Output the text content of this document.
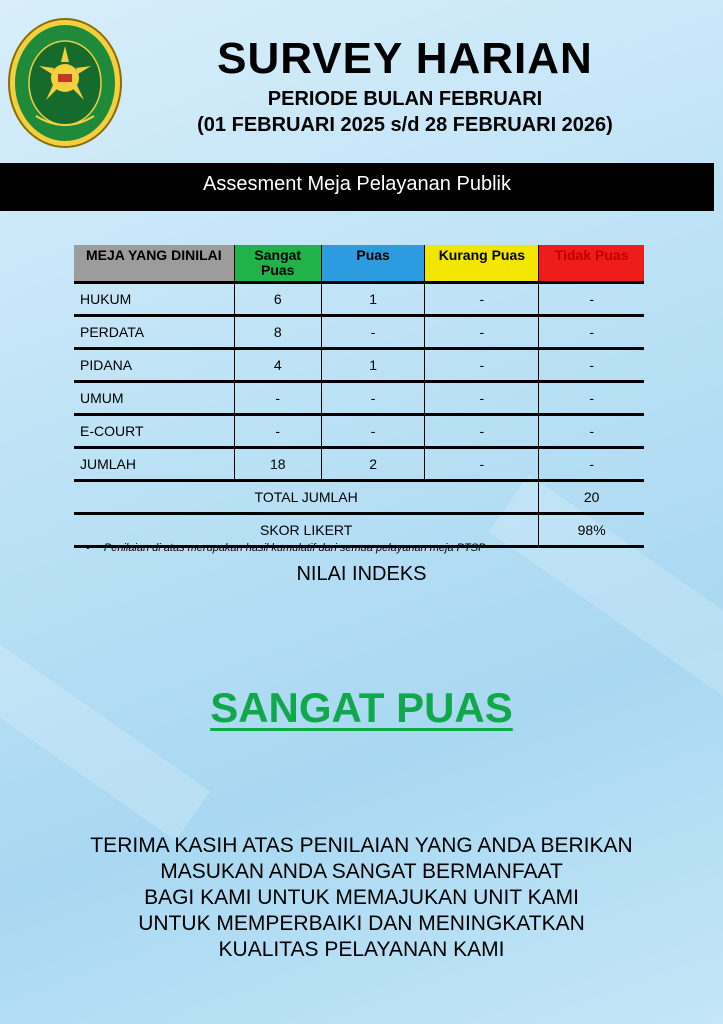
SURVEY HARIAN
PERIODE BULAN FEBRUARI
(01 FEBRUARI 2025 s/d 28 FEBRUARI 2026)
Assesment Meja Pelayanan Publik
MEJA YANG DINILAI	Sangat Puas	Puas	Kurang Puas	Tidak Puas
HUKUM	6	1	-	-
PERDATA	8	-	-	-
PIDANA	4	1	-	-
UMUM	-	-	-	-
E-COURT	-	-	-	-
JUMLAH	18	2	-	-
TOTAL JUMLAH				20
SKOR LIKERT				98%
• Penilaian di atas merupakan hasil kumulatif dari semua pelayanan meja PTSP
NILAI INDEKS
SANGAT PUAS
TERIMA KASIH ATAS PENILAIAN YANG ANDA BERIKAN
MASUKAN ANDA SANGAT BERMANFAAT
BAGI KAMI UNTUK MEMAJUKAN UNIT KAMI
UNTUK MEMPERBAIKI DAN MENINGKATKAN
KUALITAS PELAYANAN KAMI
